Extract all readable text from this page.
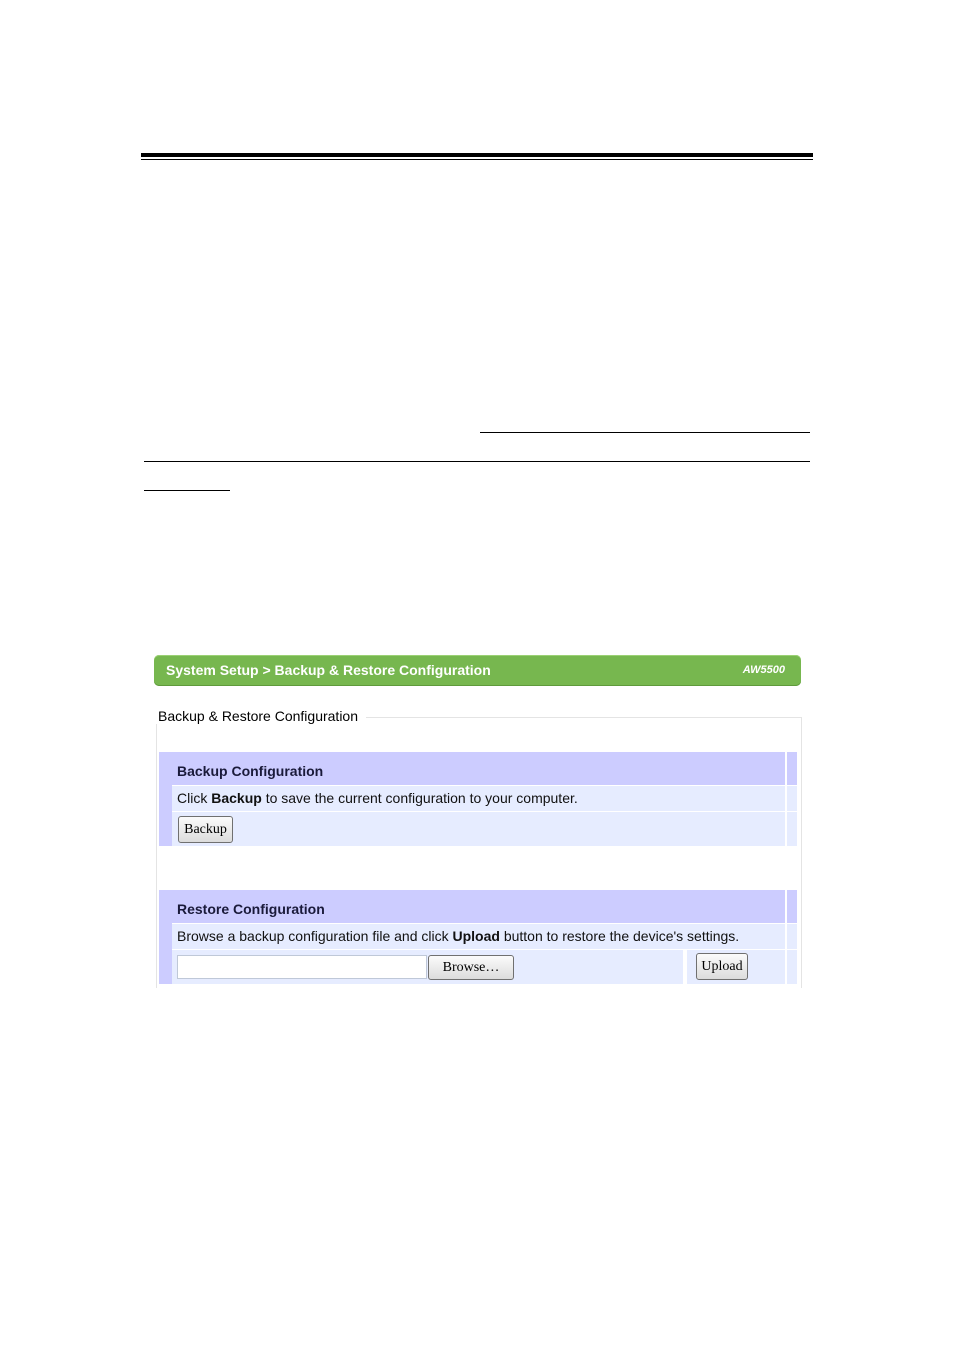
System Setup > Backup & Restore Configuration	AW5500
Backup & Restore Configuration
Backup Configuration
Click Backup to save the current configuration to your computer.
Backup
Restore Configuration
Browse a backup configuration file and click Upload button to restore the device's settings.
Browse…	Upload
